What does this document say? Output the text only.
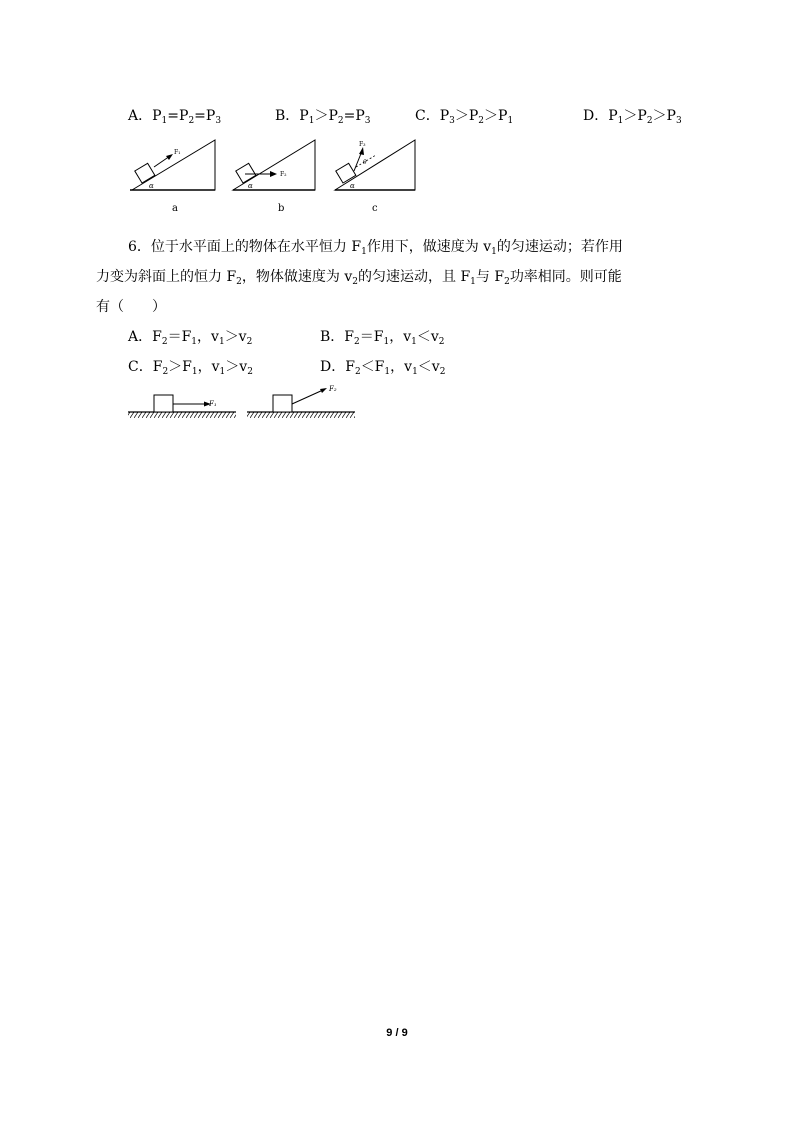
A．$P_1=P_2=P_3$	B．$P_1>P_2=P_3$	C．$P_3>P_2>P_1$	D．$P_1>P_2>P_3$
F₁
α
a
F₂
α
b
F₃
θ
α
c
6．位于水平面上的物体在水平恒力 $F_1$作用下，做速度为 $v_1$的匀速运动；若作用
力变为斜面上的恒力 $F_2$，物体做速度为 $v_2$的匀速运动，且 $F_1$与 $F_2$功率相同。则可能
有（　　）
A．$F_2=F_1$，$v_1>v_2$	B．$F_2=F_1$，$v_1<v_2$
C．$F_2>F_1$，$v_1>v_2$	D．$F_2<F_1$，$v_1<v_2$
F₁
F₂
9 / 9
